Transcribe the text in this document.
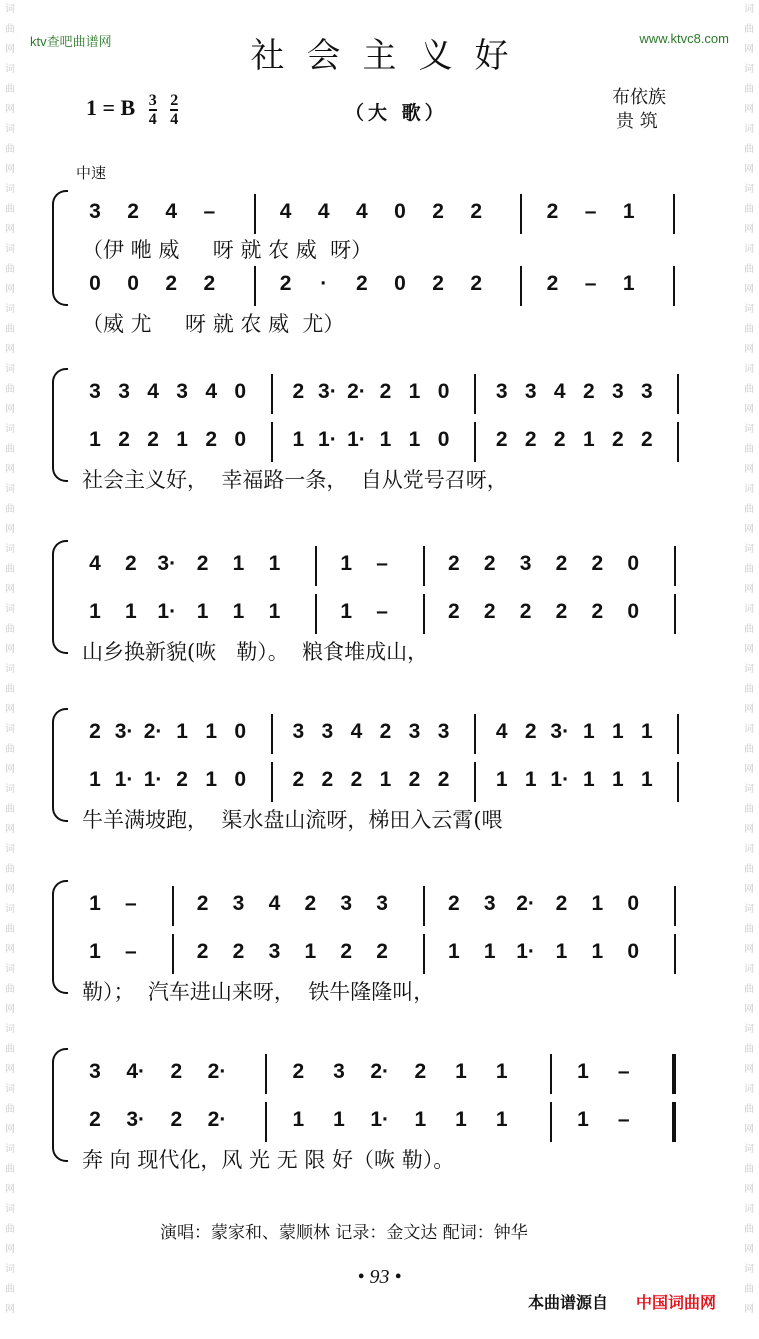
词
曲
网
词
曲
网
词
曲
网
词
曲
网
词
曲
网
词
曲
网
词
曲
网
词
曲
网
词
曲
网
词
曲
网
词
曲
网
词
曲
网
词
曲
网
词
曲
网
词
曲
网
词
曲
网
词
曲
网
词
曲
网
词
曲
网
词
曲
网
词
曲
网
词
曲
网
词
曲
网
词
曲
网
词
曲
网
词
曲
网
词
曲
网
词
曲
网
词
曲
网
词
曲
网
词
曲
网
词
曲
网
词
曲
网
词
曲
网
词
曲
网
词
曲
网
词
曲
网
词
曲
网
词
曲
网
词
曲
网
词
曲
网
词
曲
网
词
曲
网
词
曲
网
ktv查吧曲谱网	www.ktvc8.com
社会主义好
1 = B $\frac{3}{4}$
$\frac{2}{4}$	（大 歌）
布依族
贵 筑
中速
3	2	4	–	4	4	4	0	2	2	2	–	1
（伊 咃 威     呀 就 农 威  呀）
0	0	2	2	2	·	2	0	2	2	2	–	1
（威 尤     呀 就 农 威  尤）
3 3 4 3 4 0	2 3· 2· 2 1 0	3 3 4 2 3 3
1 2 2 1 2 0	1 1· 1· 1 1 0	2 2 2 1 2 2
社会主义好，  幸福路一条，  自从党号召呀，
4	2 3· 2	1	1	1	–	2	2	3	2	2	0
1	1 1· 1	1	1	1	–	2	2	2	2	2	0
山乡换新貌(咴   勒）。  粮食堆成山，
2 3· 2· 1 1 0	3 3 4 2 3 3	4 2 3· 1 1 1
1 1· 1· 2 1 0	2 2 2 1 2 2	1 1 1· 1 1 1
牛羊满坡跑，  渠水盘山流呀，梯田入云霄(喂
1	–	2	3	4	2	3	3	2	3 2· 2	1	0
1	–	2	2	3	1	2	2	1	1 1· 1	1	0
勒）；  汽车进山来呀，  铁牛隆隆叫，
3	4·	2	2·	2	3	2·	2	1	1	1	–
2	3·	2	2·	1	1	1·	1	1	1	1	–
奔 向 现代化，风 光 无 限 好（咴 勒）。
演唱：蒙家和、蒙顺林 记录：金文达 配词：钟华
• 93 •
本曲谱源自 中国词曲网
